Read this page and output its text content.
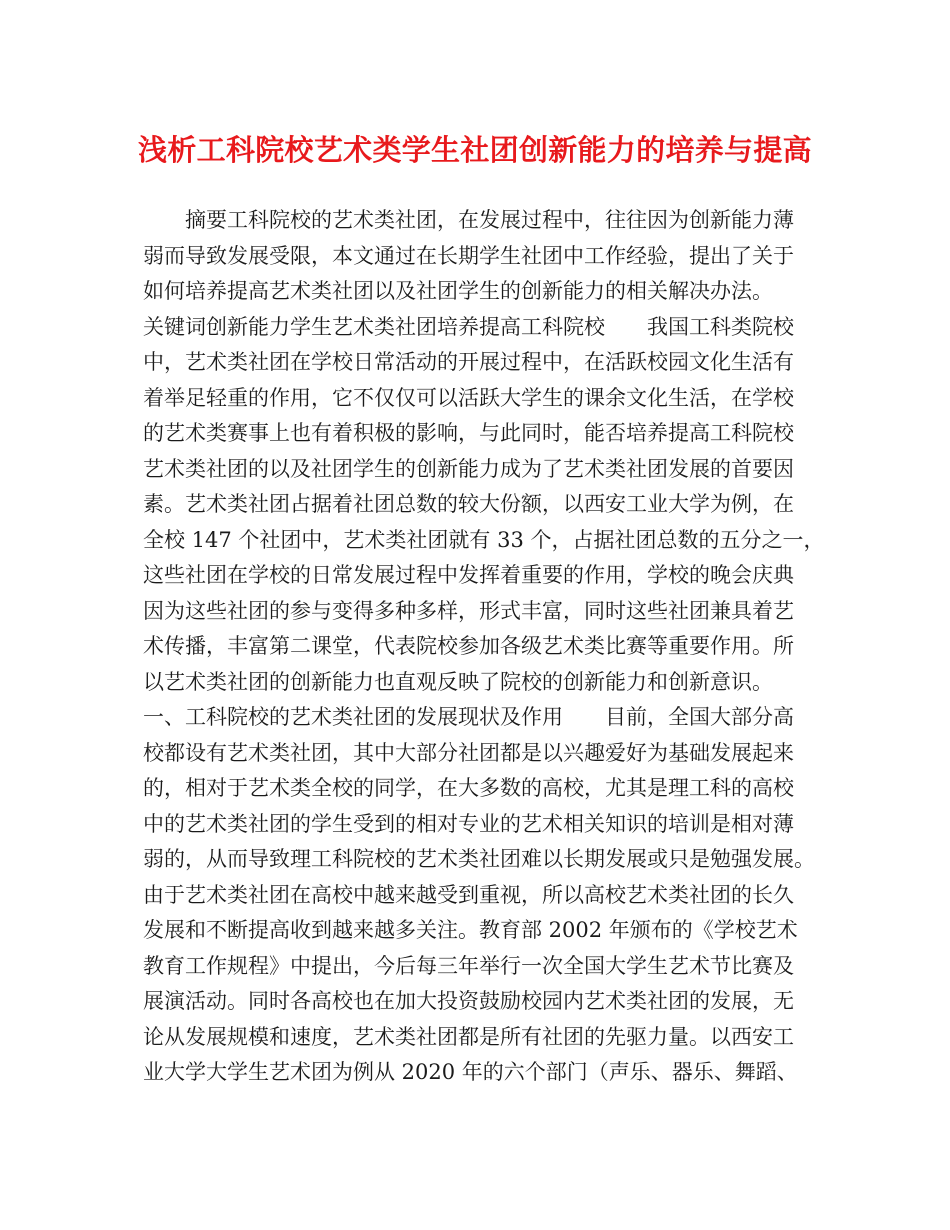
浅析工科院校艺术类学生社团创新能力的培养与提高
摘要工科院校的艺术类社团，在发展过程中，往往因为创新能力薄
弱而导致发展受限，本文通过在长期学生社团中工作经验，提出了关于
如何培养提高艺术类社团以及社团学生的创新能力的相关解决办法。
关键词创新能力学生艺术类社团培养提高工科院校　　我国工科类院校
中，艺术类社团在学校日常活动的开展过程中，在活跃校园文化生活有
着举足轻重的作用，它不仅仅可以活跃大学生的课余文化生活，在学校
的艺术类赛事上也有着积极的影响，与此同时，能否培养提高工科院校
艺术类社团的以及社团学生的创新能力成为了艺术类社团发展的首要因
素。艺术类社团占据着社团总数的较大份额，以西安工业大学为例，在
全校 147 个社团中，艺术类社团就有 33 个，占据社团总数的五分之一，
这些社团在学校的日常发展过程中发挥着重要的作用，学校的晚会庆典
因为这些社团的参与变得多种多样，形式丰富，同时这些社团兼具着艺
术传播，丰富第二课堂，代表院校参加各级艺术类比赛等重要作用。所
以艺术类社团的创新能力也直观反映了院校的创新能力和创新意识。
一、工科院校的艺术类社团的发展现状及作用　　目前，全国大部分高
校都设有艺术类社团，其中大部分社团都是以兴趣爱好为基础发展起来
的，相对于艺术类全校的同学，在大多数的高校，尤其是理工科的高校
中的艺术类社团的学生受到的相对专业的艺术相关知识的培训是相对薄
弱的，从而导致理工科院校的艺术类社团难以长期发展或只是勉强发展。
由于艺术类社团在高校中越来越受到重视，所以高校艺术类社团的长久
发展和不断提高收到越来越多关注。教育部 2002 年颁布的《学校艺术
教育工作规程》中提出，今后每三年举行一次全国大学生艺术节比赛及
展演活动。同时各高校也在加大投资鼓励校园内艺术类社团的发展，无
论从发展规模和速度，艺术类社团都是所有社团的先驱力量。以西安工
业大学大学生艺术团为例从 2020 年的六个部门（声乐、器乐、舞蹈、
